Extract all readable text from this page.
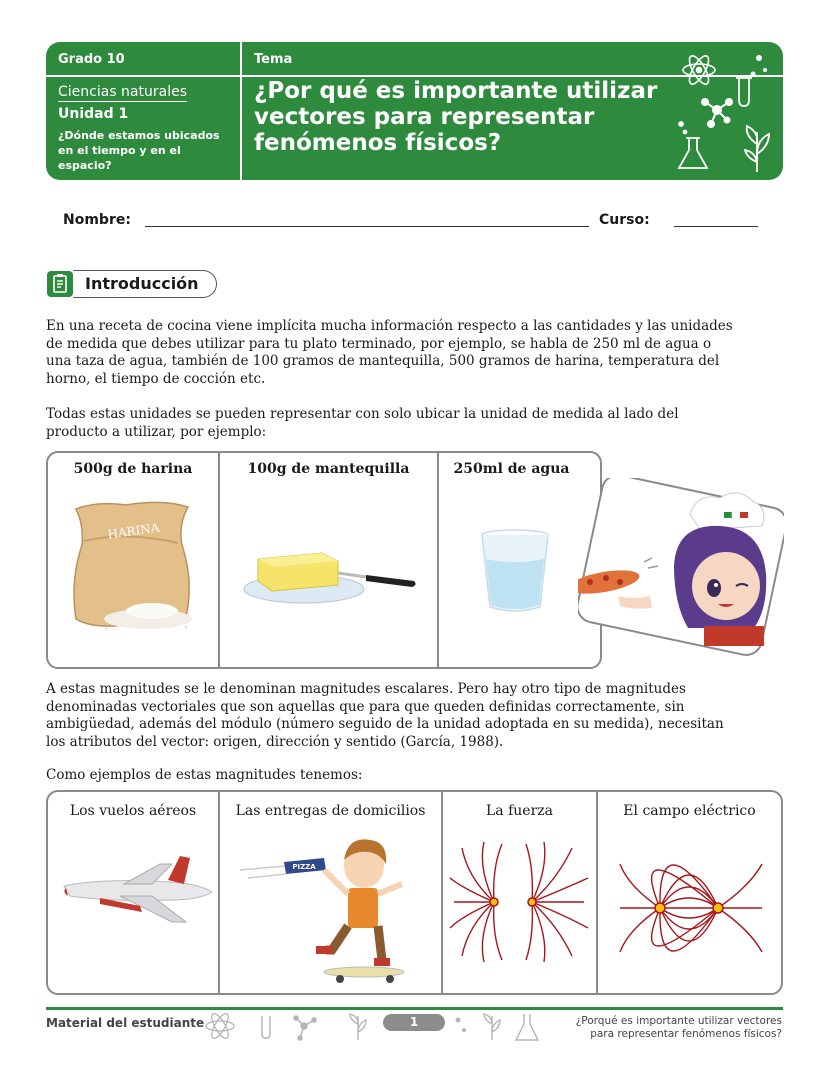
Grado 10	Tema
Ciencias naturales
Unidad 1
¿Dónde estamos ubicados
en el tiempo y en el espacio?
¿Por qué es importante utilizar
vectores para representar
fenómenos físicos?
Nombre:	Curso:
Introducción
En una receta de cocina viene implícita mucha información respecto a las cantidades y las unidades
de medida que debes utilizar para tu plato terminado, por ejemplo, se habla de 250 ml de agua o
una taza de agua, también de 100 gramos de mantequilla, 500 gramos de harina, temperatura del
horno, el tiempo de cocción etc.
Todas estas unidades se pueden representar con solo ubicar la unidad de medida al lado del
producto a utilizar, por ejemplo:
500g de harina	100g de mantequilla	250ml de agua
HARINA
A estas magnitudes se le denominan magnitudes escalares. Pero hay otro tipo de magnitudes
denominadas vectoriales que son aquellas que para que queden definidas correctamente, sin
ambigüedad, además del módulo (número seguido de la unidad adoptada en su medida), necesitan
los atributos del vector: origen, dirección y sentido (García, 1988).
Como ejemplos de estas magnitudes tenemos:
Los vuelos aéreos	Las entregas de domicilios	La fuerza	El campo eléctrico
PIZZA
Material del estudiante	1	¿Porqué es importante utilizar vectores
para representar fenómenos físicos?
